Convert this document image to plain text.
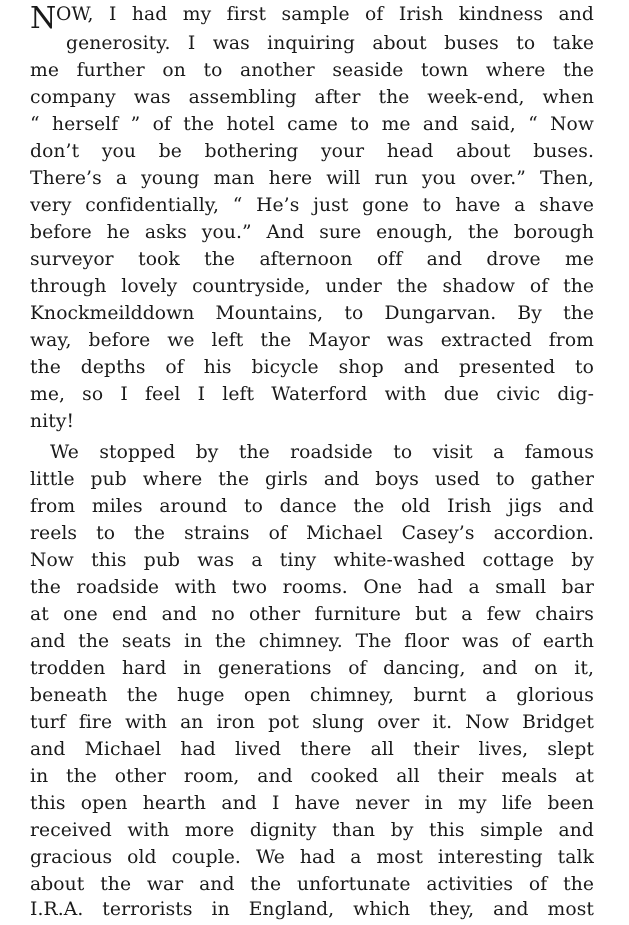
N OW, I had my first sample of Irish kindness and
generosity. I was inquiring about buses to take
me further on to another seaside town where the
company was assembling after the week-end, when
“ herself ” of the hotel came to me and said, “ Now
don’t you be bothering your head about buses.
There’s a young man here will run you over.” Then,
very confidentially, “ He’s just gone to have a shave
before he asks you.” And sure enough, the borough
surveyor took the afternoon off and drove me
through lovely countryside, under the shadow of the
Knockmeilddown Mountains, to Dungarvan. By the
way, before we left the Mayor was extracted from
the depths of his bicycle shop and presented to
me, so I feel I left Waterford with due civic dig-
nity!
We stopped by the roadside to visit a famous
little pub where the girls and boys used to gather
from miles around to dance the old Irish jigs and
reels to the strains of Michael Casey’s accordion.
Now this pub was a tiny white-washed cottage by
the roadside with two rooms. One had a small bar
at one end and no other furniture but a few chairs
and the seats in the chimney. The floor was of earth
trodden hard in generations of dancing, and on it,
beneath the huge open chimney, burnt a glorious
turf fire with an iron pot slung over it. Now Bridget
and Michael had lived there all their lives, slept
in the other room, and cooked all their meals at
this open hearth and I have never in my life been
received with more dignity than by this simple and
gracious old couple. We had a most interesting talk
about the war and the unfortunate activities of the
I.R.A. terrorists in England, which they, and most
